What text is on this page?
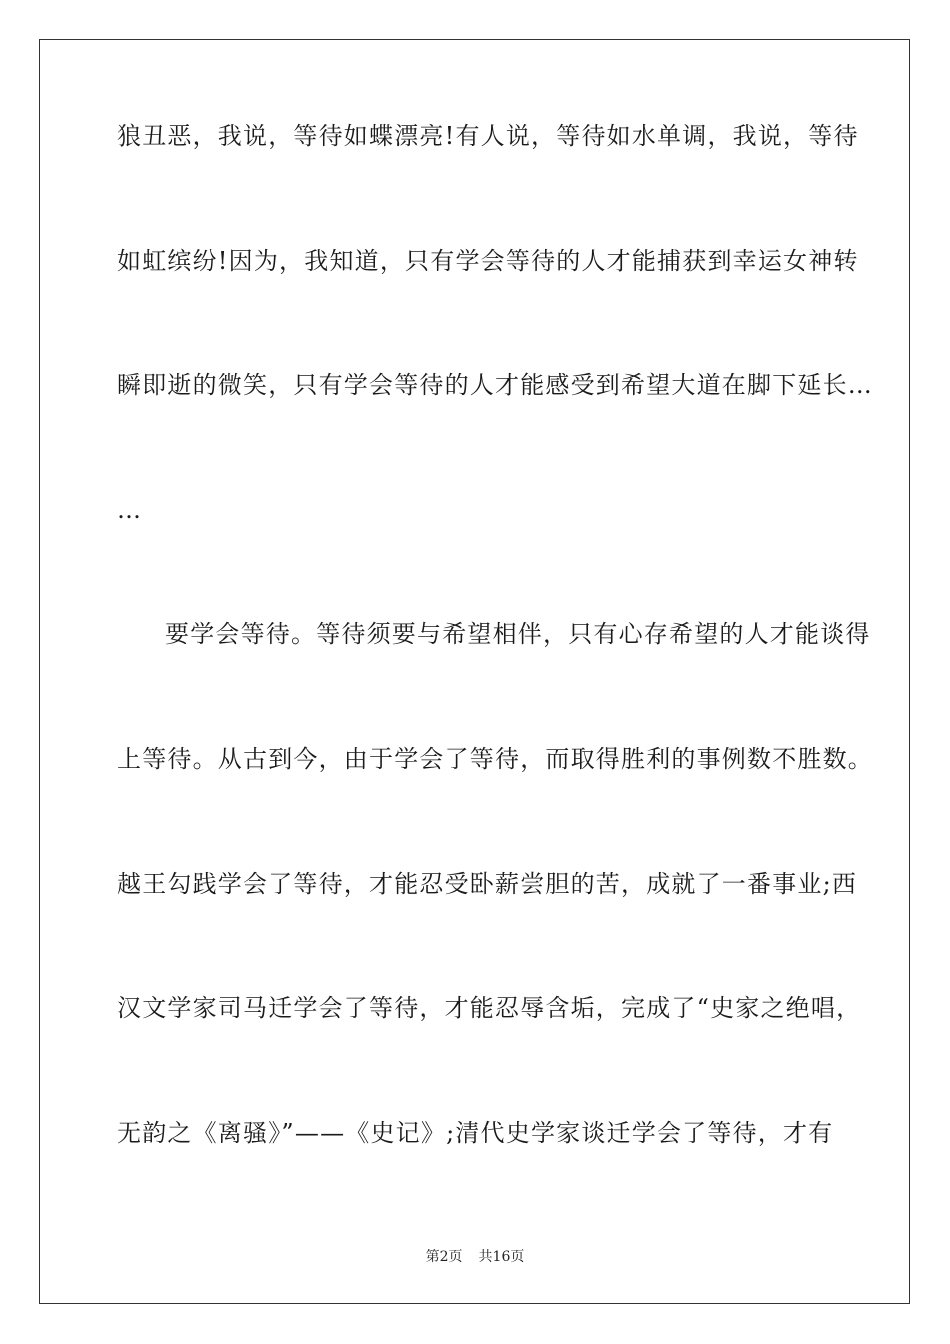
狼丑恶，我说，等待如蝶漂亮!有人说，等待如水单调，我说，等待
如虹缤纷!因为，我知道，只有学会等待的人才能捕获到幸运女神转
瞬即逝的微笑，只有学会等待的人才能感受到希望大道在脚下延长…
…
要学会等待。等待须要与希望相伴，只有心存希望的人才能谈得
上等待。从古到今，由于学会了等待，而取得胜利的事例数不胜数。
越王勾践学会了等待，才能忍受卧薪尝胆的苦，成就了一番事业;西
汉文学家司马迁学会了等待，才能忍辱含垢，完成了“史家之绝唱，
无韵之《离骚》”——《史记》;清代史学家谈迁学会了等待，才有
第2页 共16页
